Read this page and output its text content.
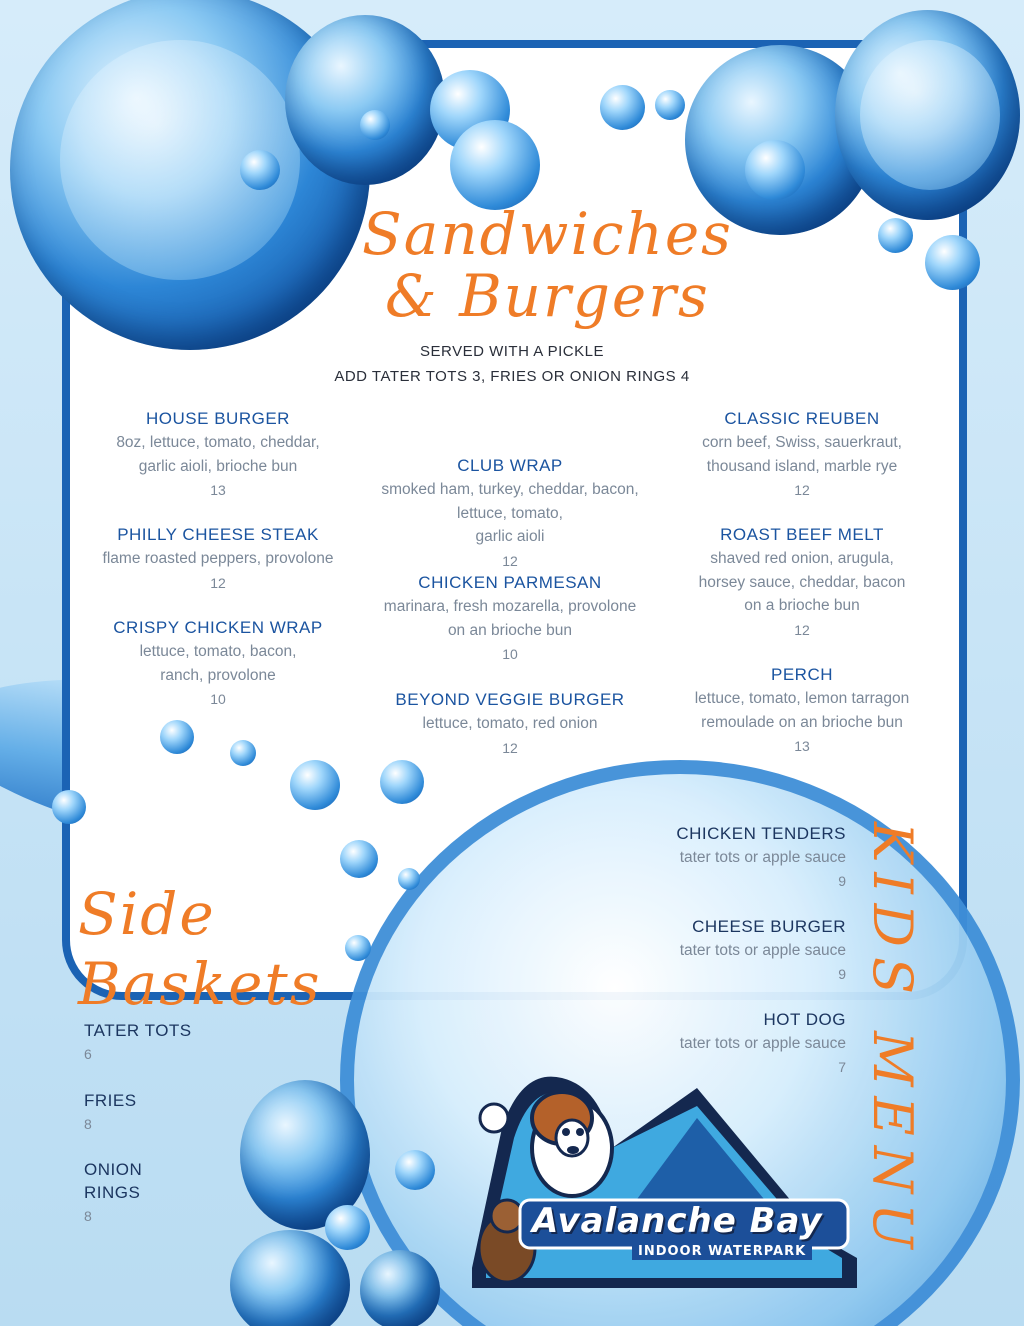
Sandwiches
& Burgers
SERVED WITH A PICKLE
ADD TATER TOTS 3, FRIES OR ONION RINGS 4
HOUSE BURGER
8oz, lettuce, tomato, cheddar,
garlic aioli, brioche bun
13
PHILLY CHEESE STEAK
flame roasted peppers, provolone
12
CRISPY CHICKEN WRAP
lettuce, tomato, bacon,
ranch, provolone
10
CLUB WRAP
smoked ham, turkey, cheddar, bacon,
lettuce, tomato,
garlic aioli
12
CHICKEN PARMESAN
marinara, fresh mozarella, provolone
on an brioche bun
10
BEYOND VEGGIE BURGER
lettuce, tomato, red onion
12
CLASSIC REUBEN
corn beef, Swiss, sauerkraut,
thousand island, marble rye
12
ROAST BEEF MELT
shaved red onion, arugula,
horsey sauce, cheddar, bacon
on a brioche bun
12
PERCH
lettuce, tomato, lemon tarragon
remoulade on an brioche bun
13
CHICKEN TENDERS
tater tots or apple sauce
9
CHEESE BURGER
tater tots or apple sauce
9
HOT DOG
tater tots or apple sauce
7 KIDS MENU
Side
Baskets
TATER TOTS
6
FRIES
8
ONION
RINGS
8	Avalanche Bay
INDOOR WATERPARK
